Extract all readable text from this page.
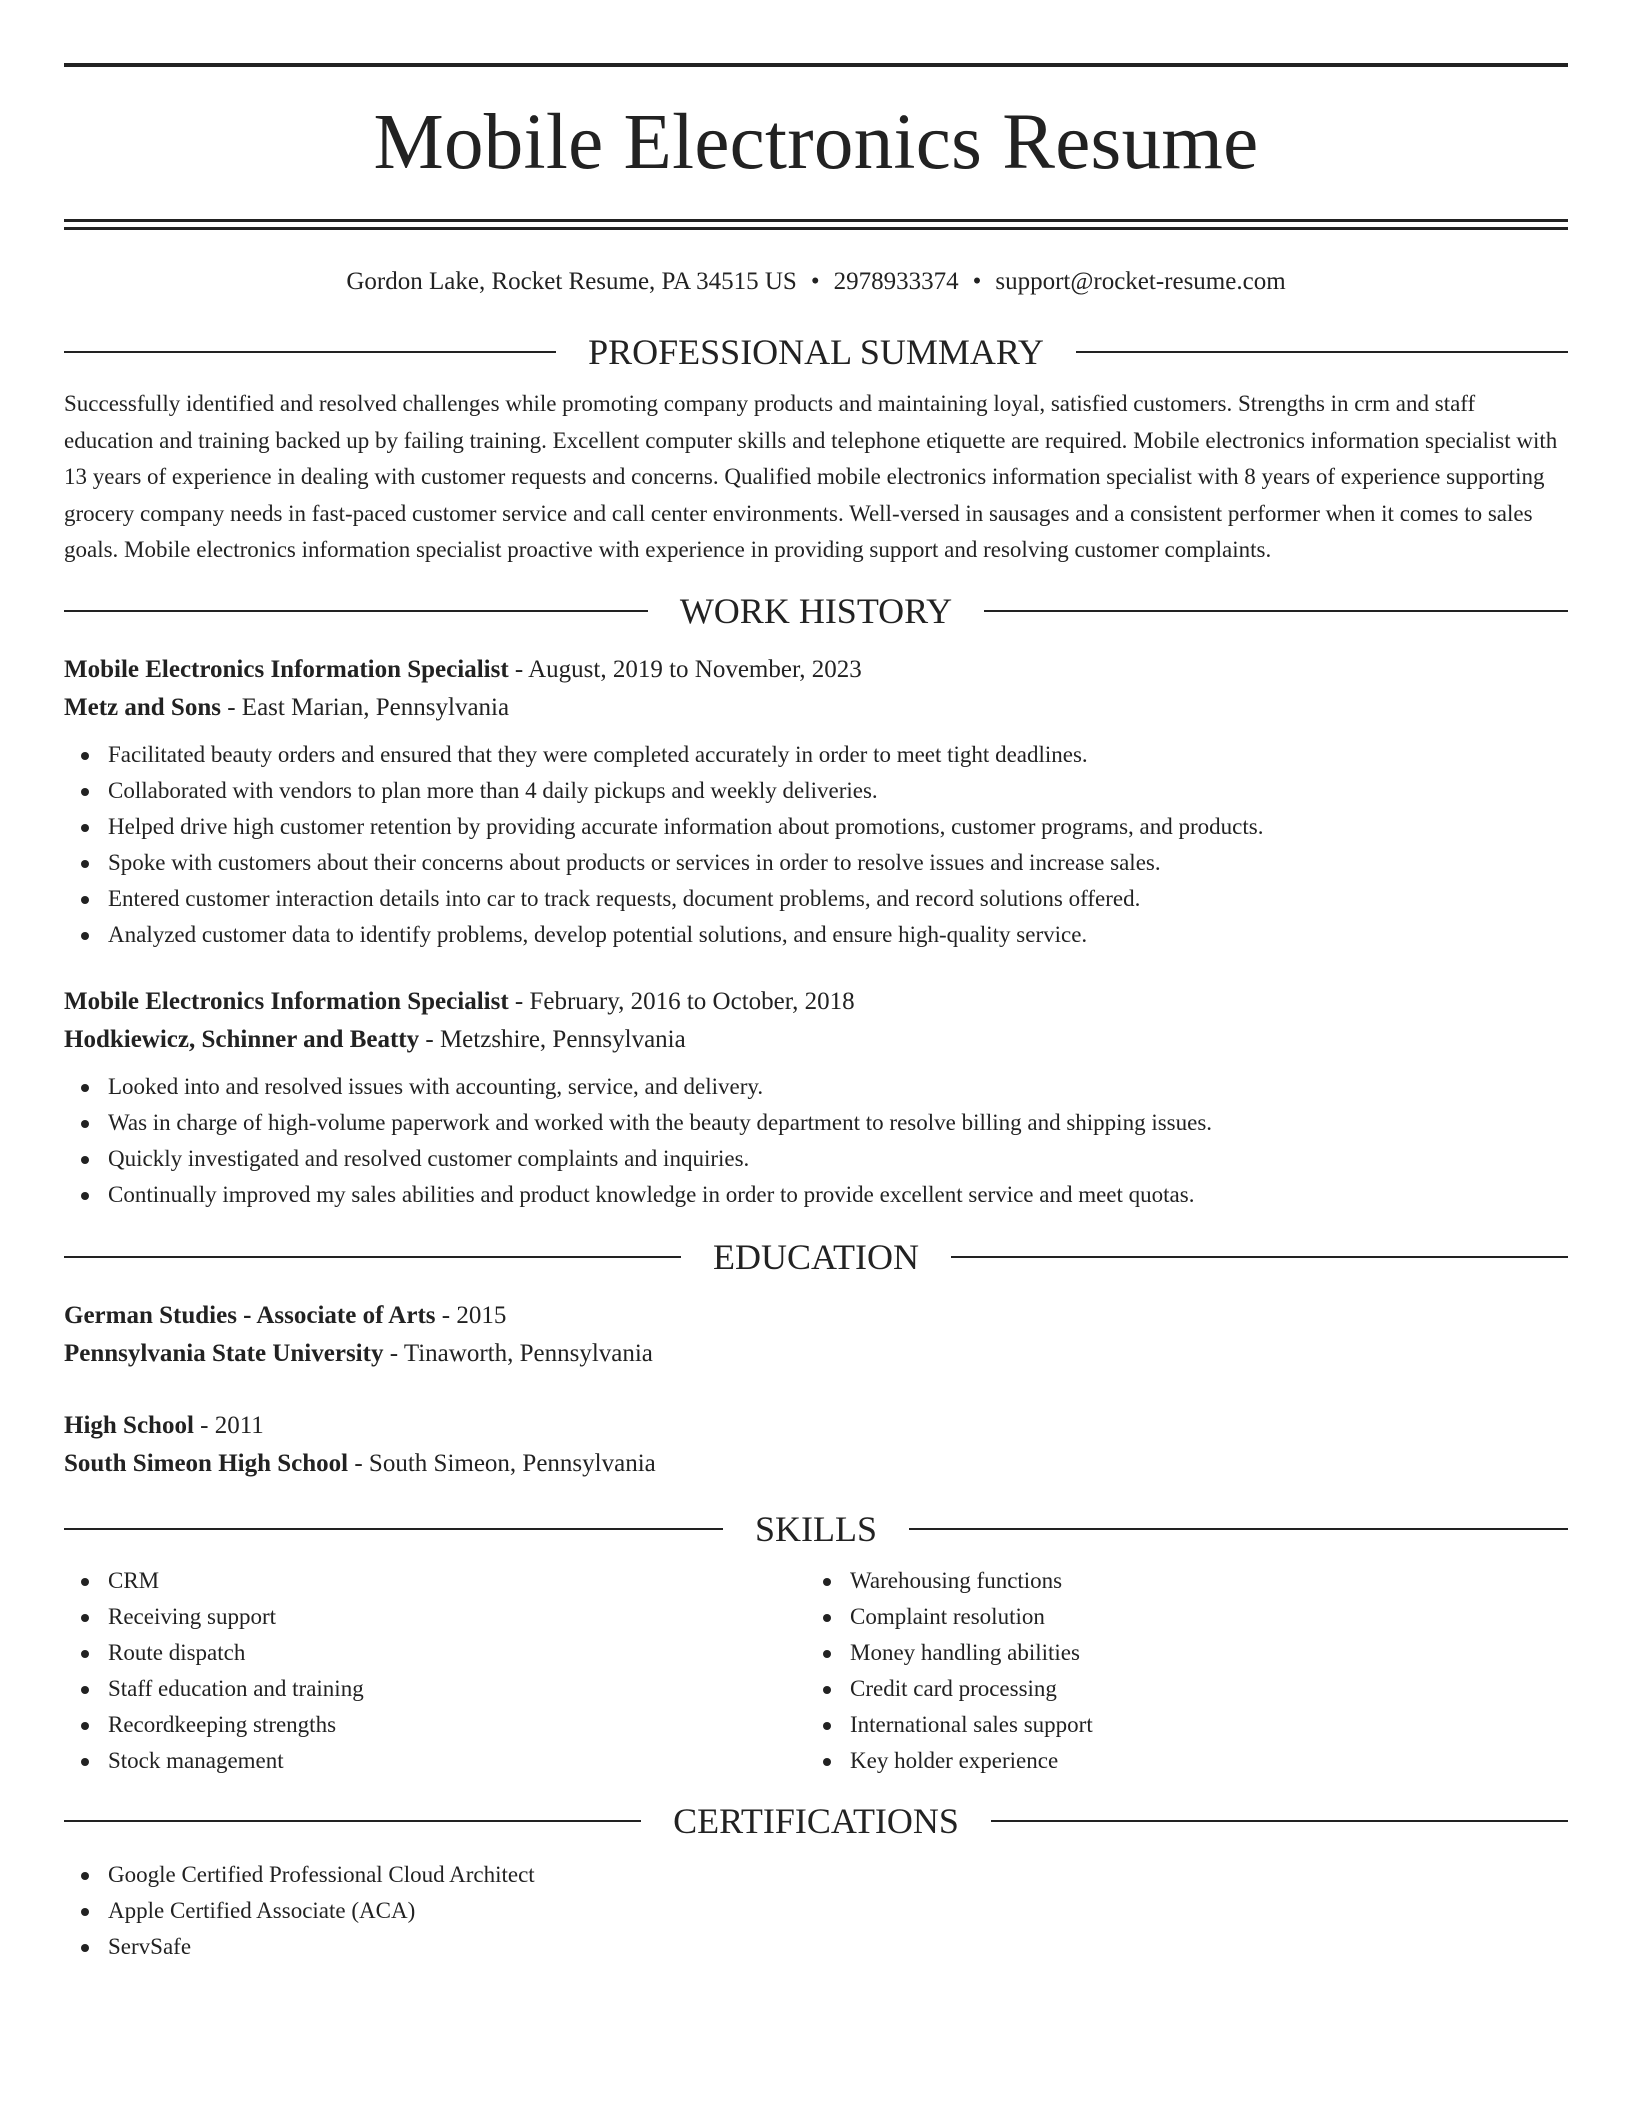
Mobile Electronics Resume
Gordon Lake, Rocket Resume, PA 34515 US • 2978933374 • support@rocket-resume.com
PROFESSIONAL SUMMARY

Successfully identified and resolved challenges while promoting company products and maintaining loyal, satisfied customers. Strengths in crm and staff education and training backed up by failing training. Excellent computer skills and telephone etiquette are required. Mobile electronics information specialist with 13 years of experience in dealing with customer requests and concerns. Qualified mobile electronics information specialist with 8 years of experience supporting grocery company needs in fast-paced customer service and call center environments. Well-versed in sausages and a consistent performer when it comes to sales goals. Mobile electronics information specialist proactive with experience in providing support and resolving customer complaints.

WORK HISTORY
Mobile Electronics Information Specialist - August, 2019 to November, 2023
Metz and Sons - East Marian, Pennsylvania
Facilitated beauty orders and ensured that they were completed accurately in order to meet tight deadlines.
Collaborated with vendors to plan more than 4 daily pickups and weekly deliveries.
Helped drive high customer retention by providing accurate information about promotions, customer programs, and products.
Spoke with customers about their concerns about products or services in order to resolve issues and increase sales.
Entered customer interaction details into car to track requests, document problems, and record solutions offered.
Analyzed customer data to identify problems, develop potential solutions, and ensure high-quality service.
Mobile Electronics Information Specialist - February, 2016 to October, 2018
Hodkiewicz, Schinner and Beatty - Metzshire, Pennsylvania
Looked into and resolved issues with accounting, service, and delivery.
Was in charge of high-volume paperwork and worked with the beauty department to resolve billing and shipping issues.
Quickly investigated and resolved customer complaints and inquiries.
Continually improved my sales abilities and product knowledge in order to provide excellent service and meet quotas.
EDUCATION
German Studies - Associate of Arts - 2015
Pennsylvania State University - Tinaworth, Pennsylvania
High School - 2011
South Simeon High School - South Simeon, Pennsylvania
SKILLS
CRM
Receiving support
Route dispatch
Staff education and training
Recordkeeping strengths
Stock management
Warehousing functions
Complaint resolution
Money handling abilities
Credit card processing
International sales support
Key holder experience
CERTIFICATIONS
Google Certified Professional Cloud Architect
Apple Certified Associate (ACA)
ServSafe
